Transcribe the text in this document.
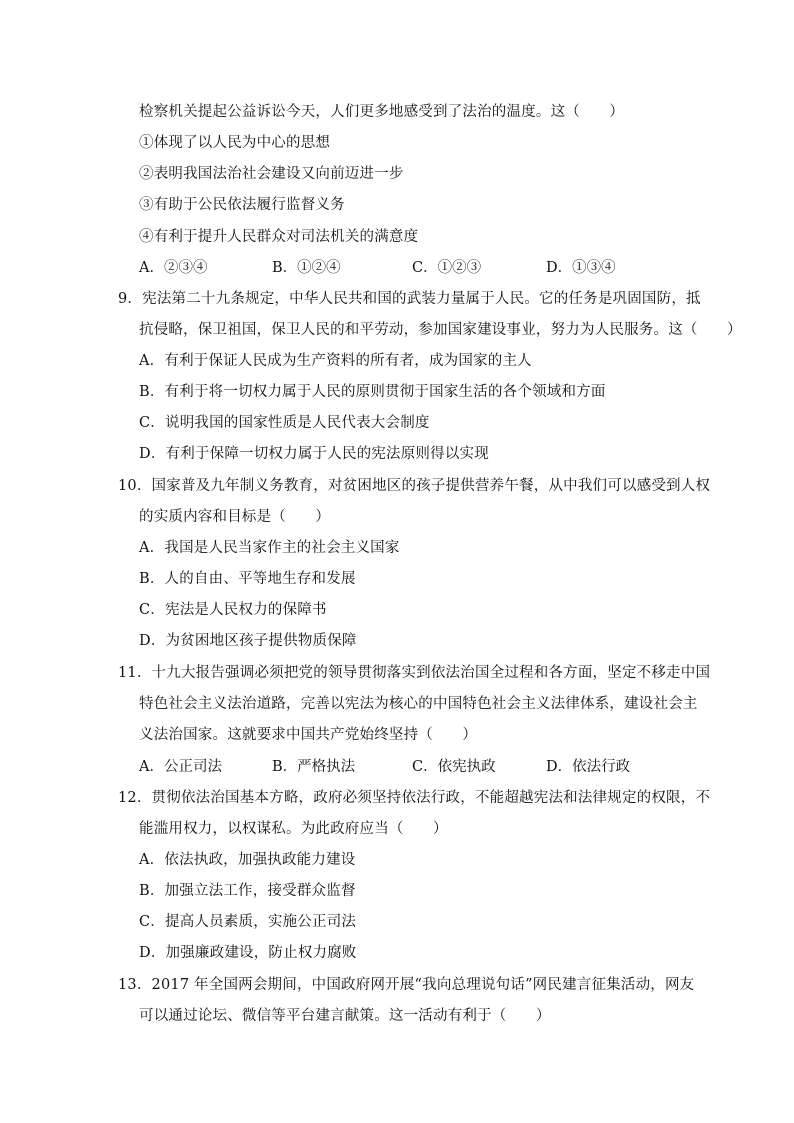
检察机关提起公益诉讼今天，人们更多地感受到了法治的温度。这（　　）
①体现了以人民为中心的思想
②表明我国法治社会建设又向前迈进一步
③有助于公民依法履行监督义务
④有利于提升人民群众对司法机关的满意度
A．②③④	B．①②④	C．①②③	D．①③④
9．宪法第二十九条规定，中华人民共和国的武装力量属于人民。它的任务是巩固国防，抵
抗侵略，保卫祖国，保卫人民的和平劳动，参加国家建设事业，努力为人民服务。这（　　）
A．有利于保证人民成为生产资料的所有者，成为国家的主人
B．有利于将一切权力属于人民的原则贯彻于国家生活的各个领域和方面
C．说明我国的国家性质是人民代表大会制度
D．有利于保障一切权力属于人民的宪法原则得以实现
10．国家普及九年制义务教育，对贫困地区的孩子提供营养午餐，从中我们可以感受到人权
的实质内容和目标是（　　）
A．我国是人民当家作主的社会主义国家
B．人的自由、平等地生存和发展
C．宪法是人民权力的保障书
D．为贫困地区孩子提供物质保障
11．十九大报告强调必须把党的领导贯彻落实到依法治国全过程和各方面，坚定不移走中国
特色社会主义法治道路，完善以宪法为核心的中国特色社会主义法律体系，建设社会主
义法治国家。这就要求中国共产党始终坚持（　　）
A．公正司法	B．严格执法	C．依宪执政	D．依法行政
12．贯彻依法治国基本方略，政府必须坚持依法行政，不能超越宪法和法律规定的权限，不
能滥用权力，以权谋私。为此政府应当（　　）
A．依法执政，加强执政能力建设
B．加强立法工作，接受群众监督
C．提高人员素质，实施公正司法
D．加强廉政建设，防止权力腐败
13．2017 年全国两会期间，中国政府网开展“我向总理说句话”网民建言征集活动，网友
可以通过论坛、微信等平台建言献策。这一活动有利于（　　）
